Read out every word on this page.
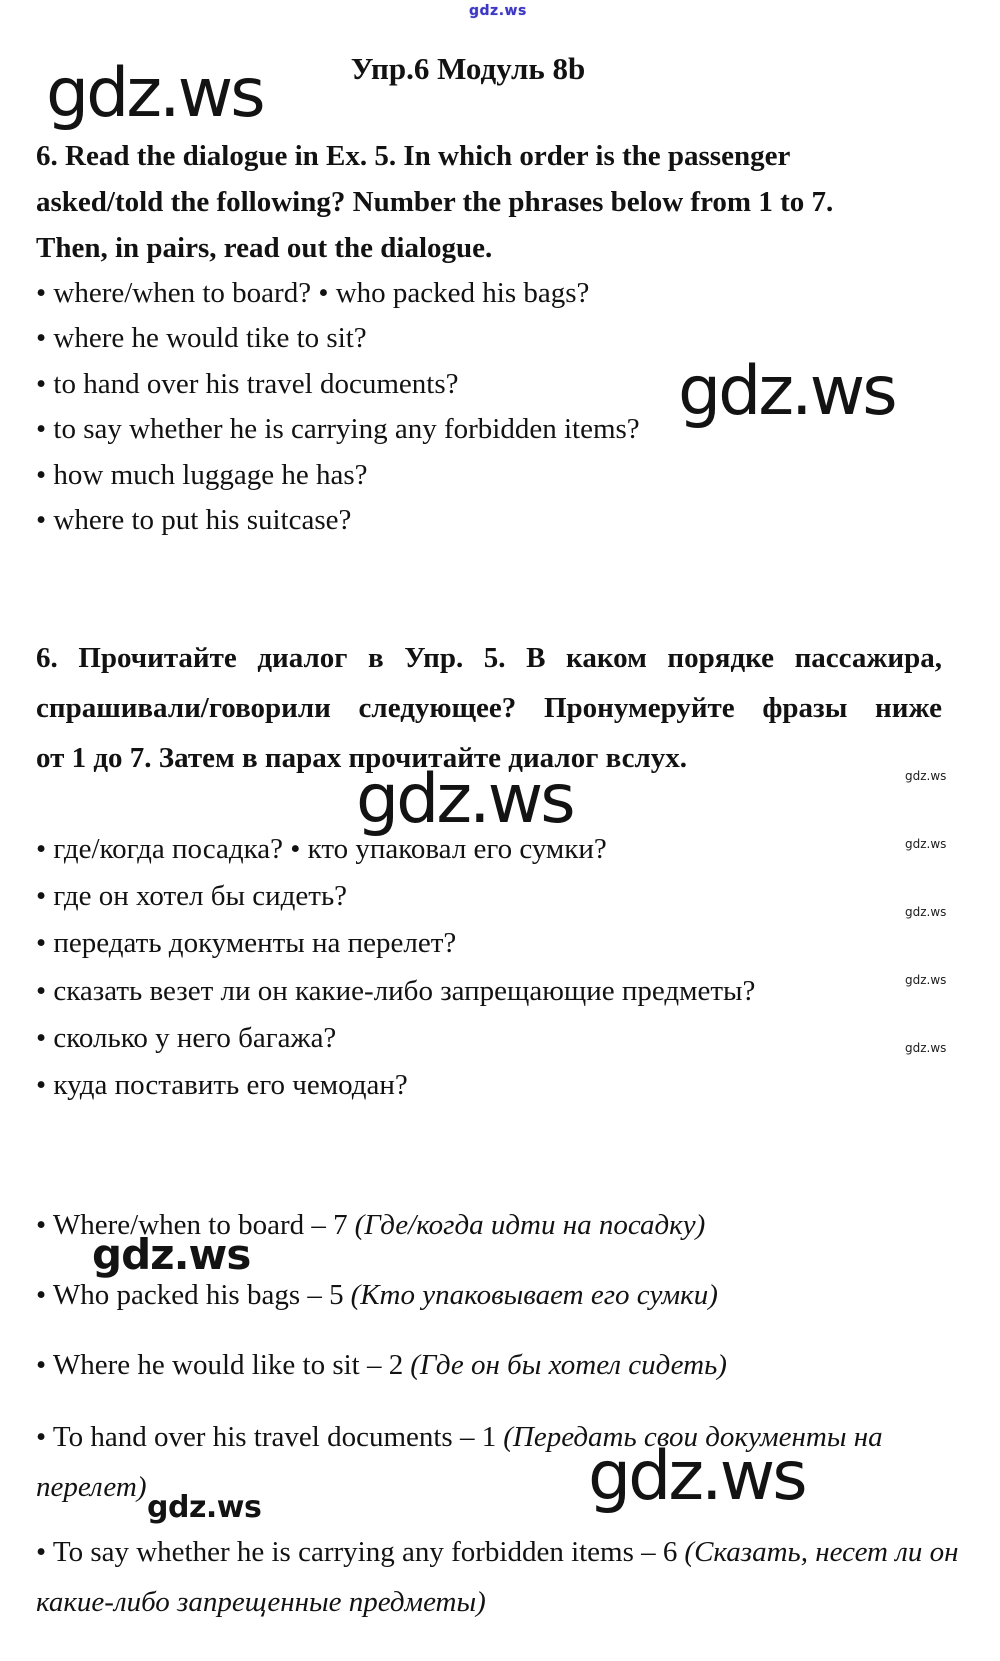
gdz.ws
gdz.ws
gdz.ws
gdz.ws	gdz.ws
gdz.ws
gdz.ws
gdz.ws
gdz.ws
gdz.ws
gdz.ws	gdz.ws
Упр.6 Модуль 8b
6. Read the dialogue in Ex. 5. In which order is the passenger
asked/told the following? Number the phrases below from 1 to 7.
Then, in pairs, read out the dialogue.
• where/when to board? • who packed his bags?
• where he would tike to sit?
• to hand over his travel documents?
• to say whether he is carrying any forbidden items?
• how much luggage he has?
• where to put his suitcase?
6. Прочитайте диалог в Упр. 5. В каком порядке пассажира,
спрашивали/говорили следующее? Пронумеруйте фразы ниже
от 1 до 7. Затем в парах прочитайте диалог вслух.
• где/когда посадка? • кто упаковал его сумки?
• где он хотел бы сидеть?
• передать документы на перелет?
• сказать везет ли он какие-либо запрещающие предметы?
• сколько у него багажа?
• куда поставить его чемодан?
• Where/when to board – 7 (Где/когда идти на посадку)
• Who packed his bags – 5 (Кто упаковывает его сумки)
• Where he would like to sit – 2 (Где он бы хотел сидеть)
• To hand over his travel documents – 1 (Передать свои документы на перелет)
• To say whether he is carrying any forbidden items – 6 (Сказать, несет ли он какие-либо запрещенные предметы)
